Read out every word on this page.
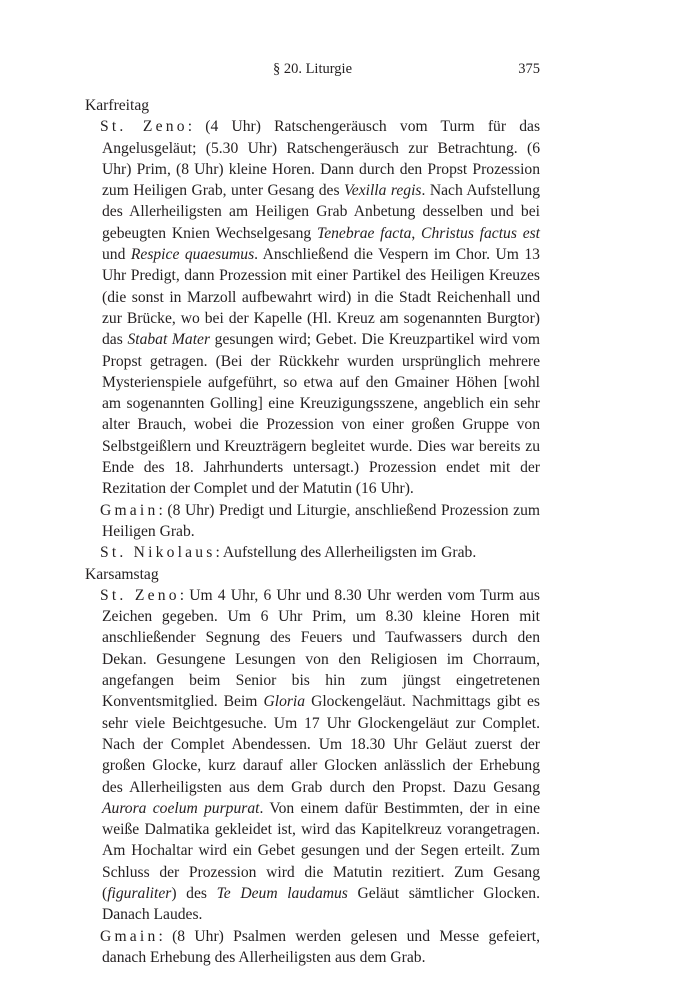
§ 20. Liturgie	375

Karfreitag

St. Zeno: (4 Uhr) Ratschengeräusch vom Turm für das Angelusgeläut; (5.30 Uhr) Ratschengeräusch zur Betrachtung. (6 Uhr) Prim, (8 Uhr) kleine Horen. Dann durch den Propst Prozession zum Heiligen Grab, unter Gesang des Vexilla regis. Nach Aufstellung des Allerheiligsten am Heiligen Grab Anbetung desselben und bei gebeugten Knien Wechselgesang Tenebrae facta, Christus factus est und Respice quaesumus. Anschließend die Vespern im Chor. Um 13 Uhr Predigt, dann Prozession mit einer Partikel des Heiligen Kreuzes (die sonst in Marzoll aufbewahrt wird) in die Stadt Reichenhall und zur Brücke, wo bei der Kapelle (Hl. Kreuz am sogenannten Burgtor) das Stabat Mater gesungen wird; Gebet. Die Kreuzpartikel wird vom Propst getragen. (Bei der Rückkehr wurden ursprünglich mehrere Mysterienspiele aufgeführt, so etwa auf den Gmainer Höhen [wohl am sogenannten Golling] eine Kreuzigungsszene, angeblich ein sehr alter Brauch, wobei die Prozession von einer großen Gruppe von Selbstgeißlern und Kreuzträgern begleitet wurde. Dies war bereits zu Ende des 18. Jahrhunderts untersagt.) Prozession endet mit der Rezitation der Complet und der Matutin (16 Uhr).

Gmain: (8 Uhr) Predigt und Liturgie, anschließend Prozession zum Heiligen Grab.

St. Nikolaus: Aufstellung des Allerheiligsten im Grab.

Karsamstag

St. Zeno: Um 4 Uhr, 6 Uhr und 8.30 Uhr werden vom Turm aus Zeichen gegeben. Um 6 Uhr Prim, um 8.30 kleine Horen mit anschließender Segnung des Feuers und Taufwassers durch den Dekan. Gesungene Lesungen von den Religiosen im Chorraum, angefangen beim Senior bis hin zum jüngst eingetretenen Konventsmitglied. Beim Gloria Glockengeläut. Nachmittags gibt es sehr viele Beichtgesuche. Um 17 Uhr Glockengeläut zur Complet. Nach der Complet Abendessen. Um 18.30 Uhr Geläut zuerst der großen Glocke, kurz darauf aller Glocken anlässlich der Erhebung des Allerheiligsten aus dem Grab durch den Propst. Dazu Gesang Aurora coelum purpurat. Von einem dafür Bestimmten, der in eine weiße Dalmatika gekleidet ist, wird das Kapitelkreuz vorangetragen. Am Hochaltar wird ein Gebet gesungen und der Segen erteilt. Zum Schluss der Prozession wird die Matutin rezitiert. Zum Gesang (figuraliter) des Te Deum laudamus Geläut sämtlicher Glocken. Danach Laudes.

Gmain: (8 Uhr) Psalmen werden gelesen und Messe gefeiert, danach Erhebung des Allerheiligsten aus dem Grab.
